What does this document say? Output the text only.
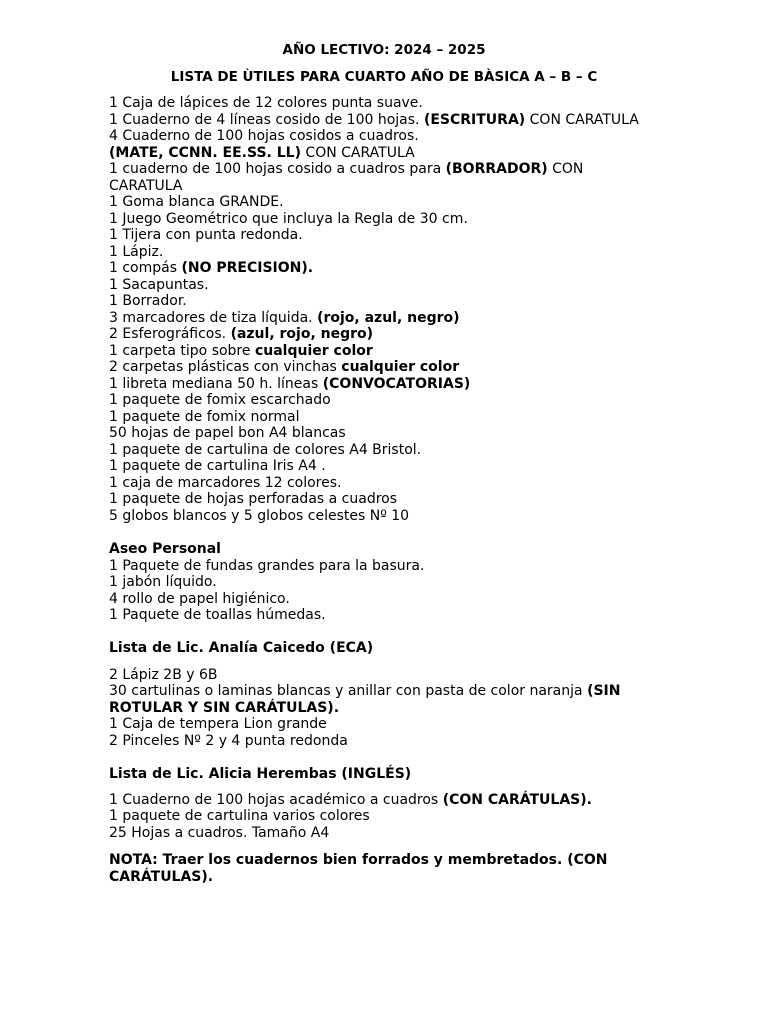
AÑO LECTIVO: 2024 – 2025
LISTA DE ÙTILES PARA CUARTO AÑO DE BÀSICA A – B – C
1 Caja de lápices de 12 colores punta suave.
1 Cuaderno de 4 líneas cosido de 100 hojas. (ESCRITURA) CON CARATULA
4 Cuaderno de 100 hojas cosidos a cuadros.
(MATE, CCNN. EE.SS. LL) CON CARATULA
1 cuaderno de 100 hojas cosido a cuadros para (BORRADOR) CON CARATULA
1 Goma blanca GRANDE.
1 Juego Geométrico que incluya la Regla de 30 cm.
1 Tijera con punta redonda.
1 Lápiz.
1 compás (NO PRECISION).
1 Sacapuntas.
1 Borrador.
3 marcadores de tiza líquida. (rojo, azul, negro)
2 Esferográficos. (azul, rojo, negro)
1 carpeta tipo sobre cualquier color
2 carpetas plásticas con vinchas cualquier color
1 libreta mediana 50 h. líneas (CONVOCATORIAS)
1 paquete de fomix escarchado
1 paquete de fomix normal
50 hojas de papel bon A4 blancas
1 paquete de cartulina de colores A4 Bristol.
1 paquete de cartulina Iris A4 .
1 caja de marcadores 12 colores.
1 paquete de hojas perforadas a cuadros
5 globos blancos y 5 globos celestes Nº 10
Aseo Personal
1 Paquete de fundas grandes para la basura.
1 jabón líquido.
4 rollo de papel higiénico.
1 Paquete de toallas húmedas.
Lista de Lic. Analía Caicedo (ECA)
2 Lápiz 2B y 6B
30 cartulinas o laminas blancas y anillar con pasta de color naranja (SIN ROTULAR Y SIN CARÁTULAS).
1 Caja de tempera Lion grande
2 Pinceles Nº 2 y 4 punta redonda
Lista de Lic. Alicia Herembas (INGLÉS)
1 Cuaderno de 100 hojas académico a cuadros (CON CARÁTULAS).
1 paquete de cartulina varios colores
25 Hojas a cuadros. Tamaño A4
NOTA: Traer los cuadernos bien forrados y membretados. (CON CARÁTULAS).
